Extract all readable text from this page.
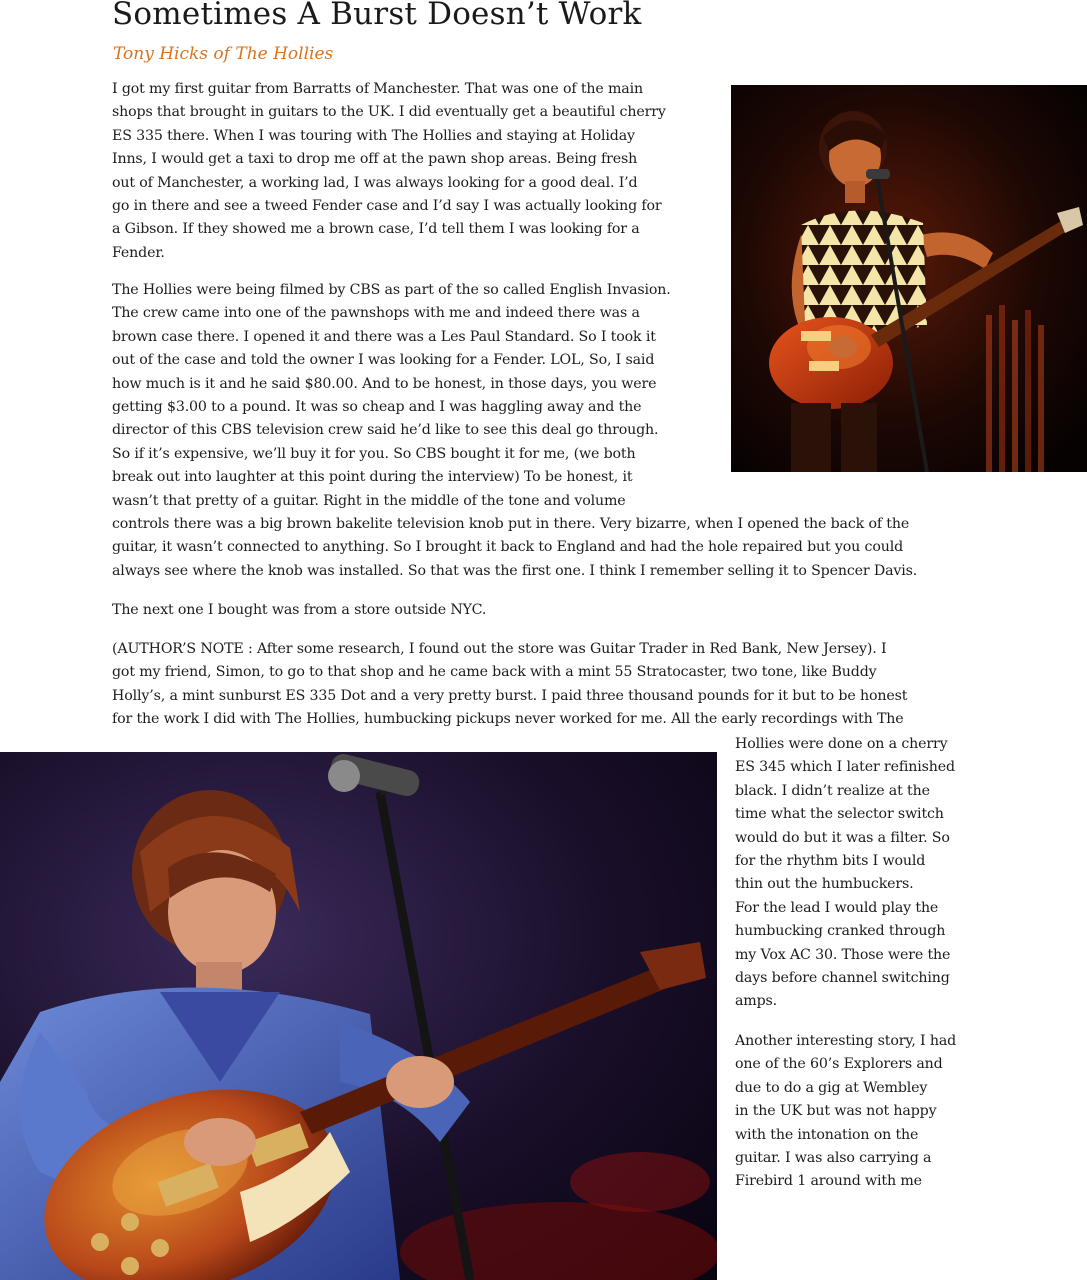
Sometimes A Burst Doesn’t Work
Tony Hicks of The Hollies
I got my first guitar from Barratts of Manchester. That was one of the main
shops that brought in guitars to the UK. I did eventually get a beautiful cherry
ES 335 there. When I was touring with The Hollies and staying at Holiday
Inns, I would get a taxi to drop me off at the pawn shop areas. Being fresh
out of Manchester, a working lad, I was always looking for a good deal. I’d
go in there and see a tweed Fender case and I’d say I was actually looking for
a Gibson. If they showed me a brown case, I’d tell them I was looking for a
Fender.
The Hollies were being filmed by CBS as part of the so called English Invasion.
The crew came into one of the pawnshops with me and indeed there was a
brown case there. I opened it and there was a Les Paul Standard. So I took it
out of the case and told the owner I was looking for a Fender. LOL, So, I said
how much is it and he said $80.00. And to be honest, in those days, you were
getting $3.00 to a pound. It was so cheap and I was haggling away and the
director of this CBS television crew said he’d like to see this deal go through.
So if it’s expensive, we’ll buy it for you. So CBS bought it for me, (we both
break out into laughter at this point during the interview) To be honest, it
wasn’t that pretty of a guitar. Right in the middle of the tone and volume
controls there was a big brown bakelite television knob put in there. Very bizarre, when I opened the back of the
guitar, it wasn’t connected to anything. So I brought it back to England and had the hole repaired but you could
always see where the knob was installed. So that was the first one. I think I remember selling it to Spencer Davis.
The next one I bought was from a store outside NYC.
(AUTHOR’S NOTE : After some research, I found out the store was Guitar Trader in Red Bank, New Jersey). I
got my friend, Simon, to go to that shop and he came back with a mint 55 Stratocaster, two tone, like Buddy
Holly’s, a mint sunburst ES 335 Dot and a very pretty burst. I paid three thousand pounds for it but to be honest
for the work I did with The Hollies, humbucking pickups never worked for me. All the early recordings with The
Hollies were done on a cherry
ES 345 which I later refinished
black. I didn’t realize at the
time what the selector switch
would do but it was a filter. So
for the rhythm bits I would
thin out the humbuckers.
For the lead I would play the
humbucking cranked through
my Vox AC 30. Those were the
days before channel switching
amps.
Another interesting story, I had
one of the 60’s Explorers and
due to do a gig at Wembley
in the UK but was not happy
with the intonation on the
guitar. I was also carrying a
Firebird 1 around with me
